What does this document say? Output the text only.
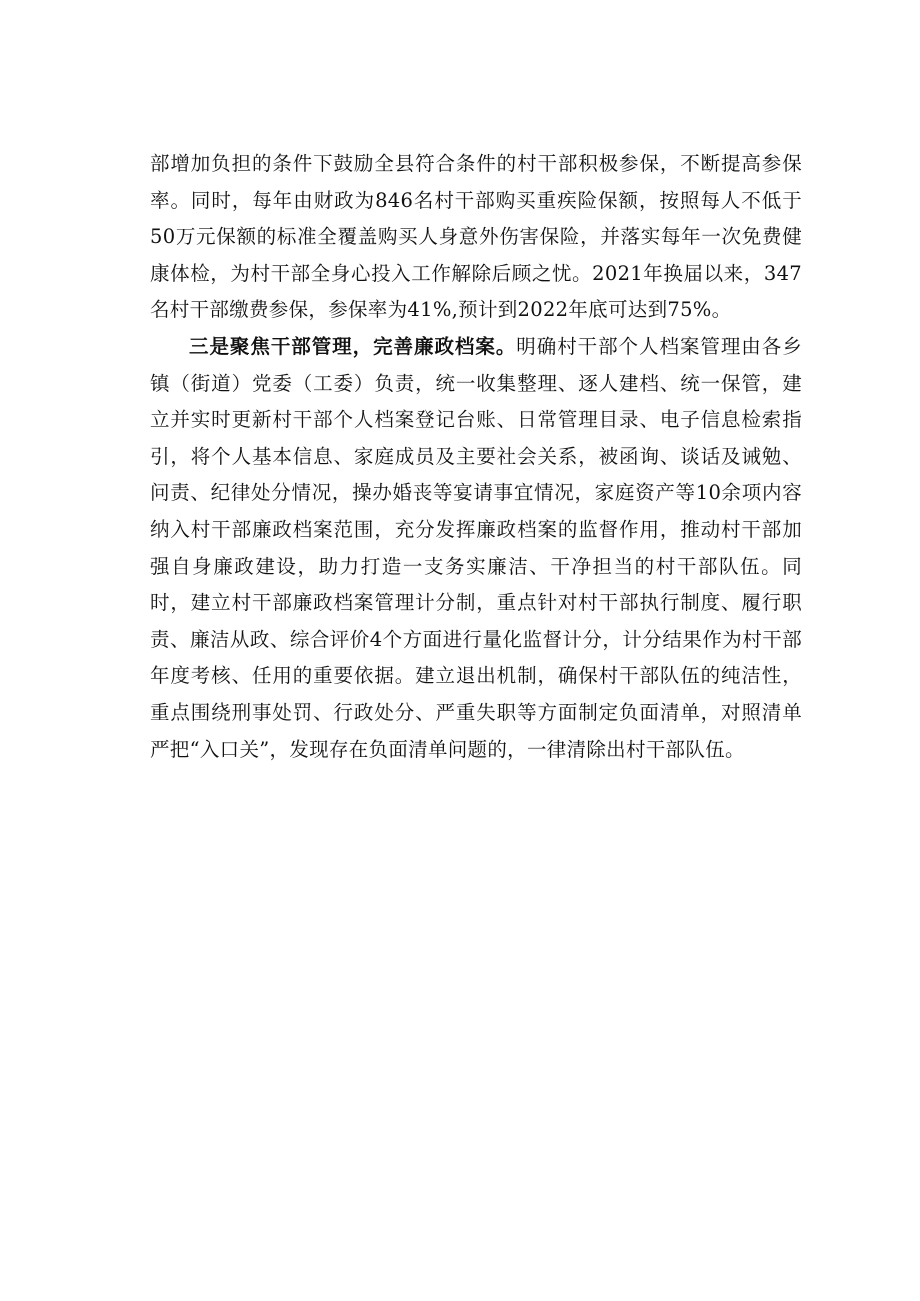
部增加负担的条件下鼓励全县符合条件的村干部积极参保，不断提高参保率。同时，每年由财政为846名村干部购买重疾险保额，按照每人不低于50万元保额的标准全覆盖购买人身意外伤害保险，并落实每年一次免费健康体检，为村干部全身心投入工作解除后顾之忧。2021年换届以来，347名村干部缴费参保，参保率为41%,预计到2022年底可达到75%。

三是聚焦干部管理，完善廉政档案。明确村干部个人档案管理由各乡镇（街道）党委（工委）负责，统一收集整理、逐人建档、统一保管，建立并实时更新村干部个人档案登记台账、日常管理目录、电子信息检索指引，将个人基本信息、家庭成员及主要社会关系，被函询、谈话及诫勉、问责、纪律处分情况，操办婚丧等宴请事宜情况，家庭资产等10余项内容纳入村干部廉政档案范围，充分发挥廉政档案的监督作用，推动村干部加强自身廉政建设，助力打造一支务实廉洁、干净担当的村干部队伍。同时，建立村干部廉政档案管理计分制，重点针对村干部执行制度、履行职责、廉洁从政、综合评价4个方面进行量化监督计分，计分结果作为村干部年度考核、任用的重要依据。建立退出机制，确保村干部队伍的纯洁性，重点围绕刑事处罚、行政处分、严重失职等方面制定负面清单，对照清单严把“入口关”，发现存在负面清单问题的，一律清除出村干部队伍。
